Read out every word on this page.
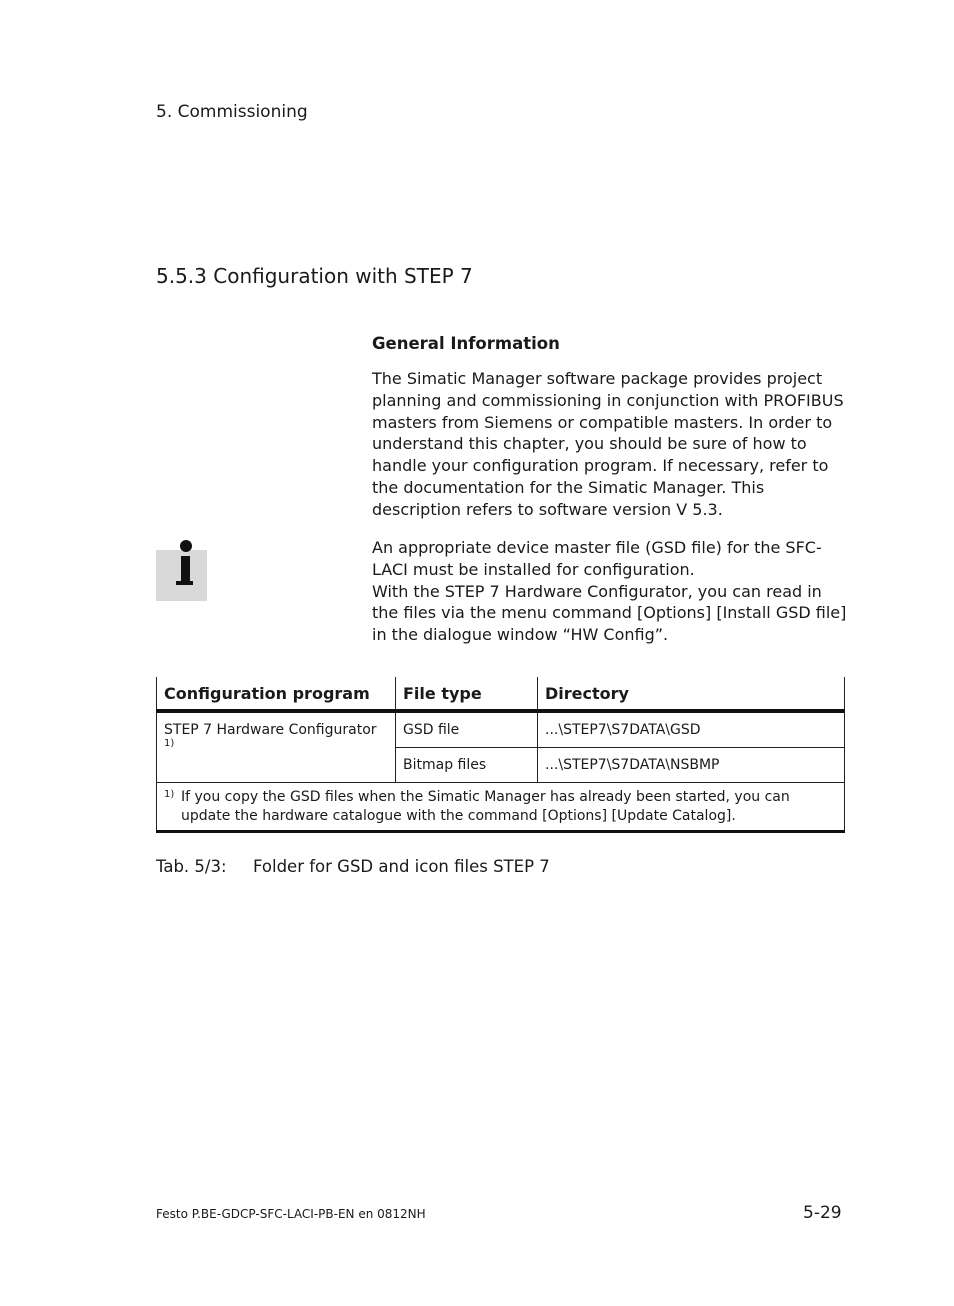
5. Commissioning
5.5.3 Configuration with STEP 7
General Information

The Simatic Manager software package provides project planning and commissioning in conjunction with PROFIBUS masters from Siemens or compatible masters. In order to understand this chapter, you should be sure of how to handle your configuration program. If necessary, refer to the documentation for the Simatic Manager. This description refers to software version V 5.3.

An appropriate device master file (GSD file) for the SFC-LACI must be installed for configuration.
With the STEP 7 Hardware Configurator, you can read in the files via the menu command [Options] [Install GSD file] in the dialogue window “HW Config”.
Configuration program	File type	Directory
STEP 7 Hardware Configurator $^{1)}$	GSD file	...\STEP7\S7DATA\GSD
	Bitmap files	...\STEP7\S7DATA\NSBMP

1) If you copy the GSD files when the Simatic Manager has already been started, you can update the hardware catalogue with the command [Options] [Update Catalog].		
Tab. 5/3: Folder for GSD and icon files STEP 7
Festo P.BE-GDCP-SFC-LACI-PB-EN en 0812NH	5-29
